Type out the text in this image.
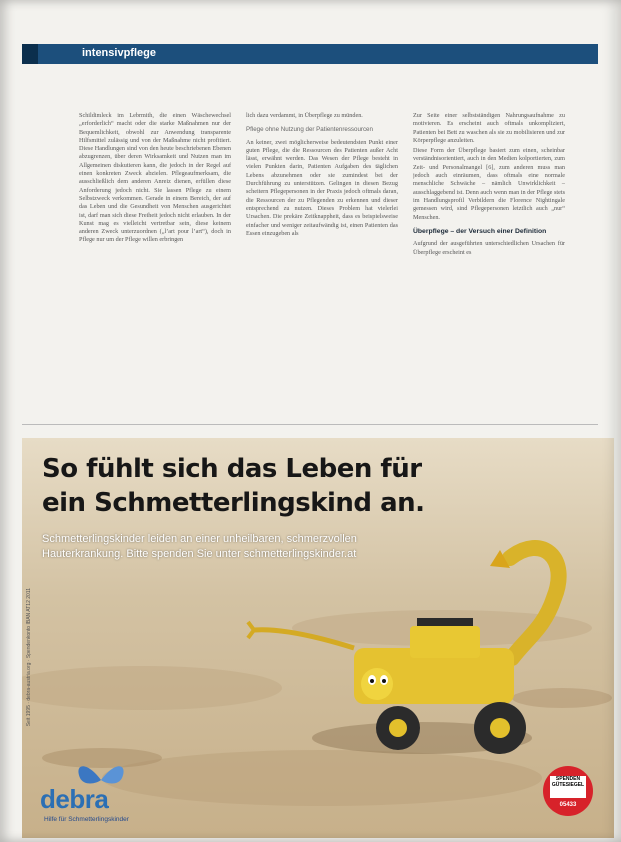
intensivpflege

Schildimleck im Lebrmith, die einen Wäschewechsel „erforderlich“ macht oder die starke Maßnahmen nur der Bequemlichkeit, obwohl zur Anwendung transparente Hilfsmittel zulässig und von der Maßnahme nicht profitiert. Diese Handlungen sind von den heute beschriebenen Ebenen abzugrenzen, über deren Wirksamkeit und Nutzen man im Allgemeinen diskutieren kann, die jedoch in der Regel auf einen konkreten Zweck abzielen. Pflegeaufmerksam, die ausschließlich dem anderen Anreiz dienen, erfüllen diese Anforderung jedoch nicht. Sie lassen Pflege zu einem Selbstzweck verkommen. Gerade in einem Bereich, der auf das Leben und die Gesundheit von Menschen ausgerichtet ist, darf man sich diese Freiheit jedoch nicht erlauben. In der Kunst mag es vielleicht vertretbar sein, diese keinem anderen Zweck unterzuordnen („l’art pour l’art“), doch in Pflege nur um der Pflege willen erbringen

lich dazu verdammt, in Überpflege zu münden.

Pflege ohne Nutzung der Patientenressourcen

An keiner, zwei möglicherweise bedeutendsten Punkt einer guten Pflege, die die Ressourcen des Patienten außer Acht lässt, erwähnt werden. Das Wesen der Pflege besteht in vielen Punkten darin, Patienten Aufgaben des täglichen Lebens abzunehmen oder sie zumindest bei der Durchführung zu unterstützen. Gelingen in diesen Bezug scheitern Pflegepersonen in der Praxis jedoch oftmals daran, die Ressourcen der zu Pflegenden zu erkennen und dieser entsprechend zu nutzen. Dieses Problem hat vielerlei Ursachen. Die prekäre Zeitknappheit, dass es beispielsweise einfacher und weniger zeitaufwändig ist, einen Patienten das Essen einzugeben als

Zur Seite einer selbstständigen Nahrungsaufnahme zu motivieren. Es erscheint auch oftmals unkompliziert, Patienten bei Bett zu waschen als sie zu mobilisieren und zur Körperpflege anzuleiten.

Diese Form der Überpflege basiert zum einen, scheinbar verständnisorientiert, auch in den Medien kolportierten, zum Zeit- und Personalmangel [6], zum anderen muss man jedoch auch einräumen, dass oftmals eine normale menschliche Schwäche – nämlich Unwirklichkeit – ausschlaggebend ist. Denn auch wenn man in der Pflege stets im Handlungsprofil Verbildern die Florence Nightingale gemessen wird, sind Pflegepersonen letztlich auch „nur“ Menschen.

Überpflege – der Versuch einer Definition

Aufgrund der ausgeführten unterschiedlichen Ursachen für Überpflege erscheint es

So fühlt sich das Leben für
ein Schmetterlingskind an.
Schmetterlingskinder leiden an einer unheilbaren, schmerzvollen
Hauterkrankung. Bitte spenden Sie unter schmetterlingskinder.at
Seit 1995 · debra-austria.org · Spendenkonto IBAN AT12 2011
debra
Hilfe für Schmetterlingskinder
SPENDEN GÜTESIEGEL
05433
